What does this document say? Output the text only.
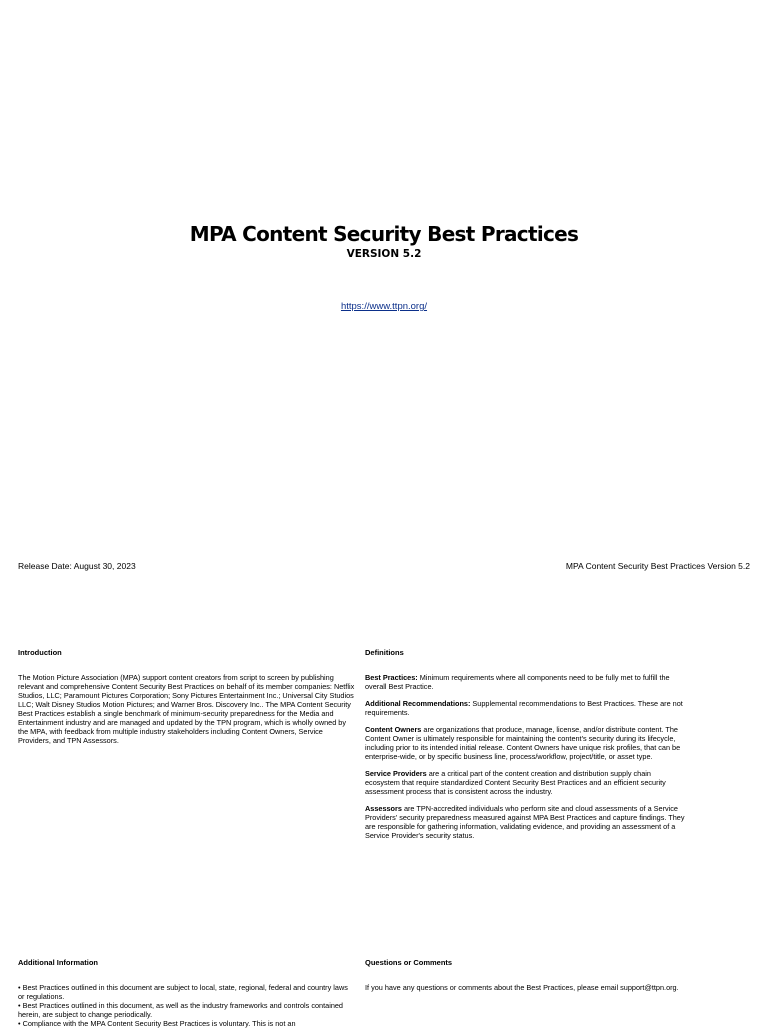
MPA Content Security Best Practices
VERSION 5.2
https://www.ttpn.org/
Release Date: August 30, 2023	MPA Content Security Best Practices Version 5.2

Introduction

The Motion Picture Association (MPA) support content creators from script to screen by publishing relevant and comprehensive Content Security Best Practices on behalf of its member companies: Netflix Studios, LLC; Paramount Pictures Corporation; Sony Pictures Entertainment Inc.; Universal City Studios LLC; Walt Disney Studios Motion Pictures; and Warner Bros. Discovery Inc.. The MPA Content Security Best Practices establish a single benchmark of minimum-security preparedness for the Media and Entertainment industry and are managed and updated by the TPN program, which is wholly owned by the MPA, with feedback from multiple industry stakeholders including Content Owners, Service Providers, and TPN Assessors.

Definitions

Best Practices: Minimum requirements where all components need to be fully met to fulfill the overall Best Practice.

Additional Recommendations: Supplemental recommendations to Best Practices. These are not requirements.

Content Owners are organizations that produce, manage, license, and/or distribute content. The Content Owner is ultimately responsible for maintaining the content's security during its lifecycle, including prior to its intended initial release. Content Owners have unique risk profiles, that can be enterprise-wide, or by specific business line, process/workflow, project/title, or asset type.

Service Providers are a critical part of the content creation and distribution supply chain ecosystem that require standardized Content Security Best Practices and an efficient security assessment process that is consistent across the industry.

Assessors are TPN-accredited individuals who perform site and cloud assessments of a Service Providers' security preparedness measured against MPA Best Practices and capture findings. They are responsible for gathering information, validating evidence, and providing an assessment of a Service Provider's security status.

Additional Information

• Best Practices outlined in this document are subject to local, state, regional, federal and country laws or regulations.

• Best Practices outlined in this document, as well as the industry frameworks and controls contained herein, are subject to change periodically.

• Compliance with the MPA Content Security Best Practices is voluntary. This is not an

Questions or Comments

If you have any questions or comments about the Best Practices, please email support@ttpn.org.
